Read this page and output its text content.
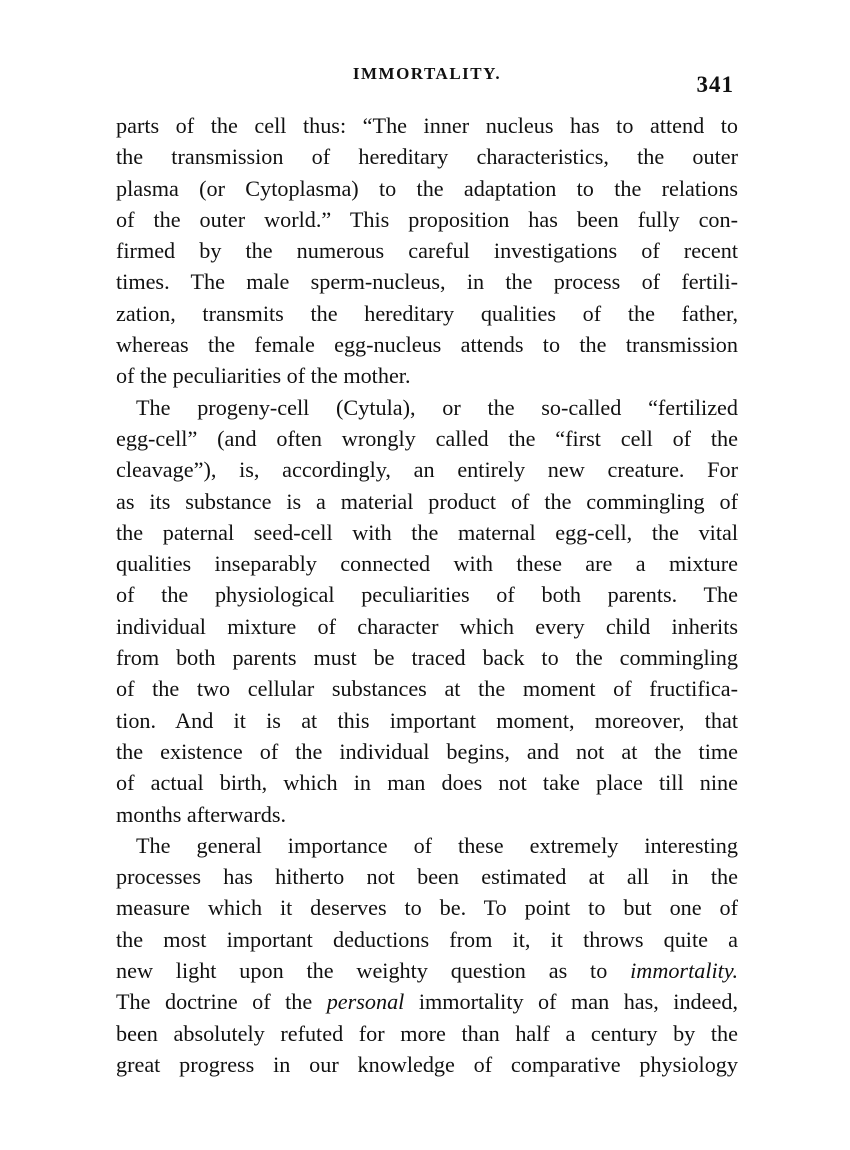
IMMORTALITY.	341
parts of the cell thus: “The inner nucleus has to attend to
the transmission of hereditary characteristics, the outer
plasma (or Cytoplasma) to the adaptation to the relations
of the outer world.” This proposition has been fully con-
firmed by the numerous careful investigations of recent
times. The male sperm-nucleus, in the process of fertili-
zation, transmits the hereditary qualities of the father,
whereas the female egg-nucleus attends to the transmission
of the peculiarities of the mother.
The progeny-cell (Cytula), or the so-called “fertilized
egg-cell” (and often wrongly called the “first cell of the
cleavage”), is, accordingly, an entirely new creature. For
as its substance is a material product of the commingling of
the paternal seed-cell with the maternal egg-cell, the vital
qualities inseparably connected with these are a mixture
of the physiological peculiarities of both parents. The
individual mixture of character which every child inherits
from both parents must be traced back to the commingling
of the two cellular substances at the moment of fructifica-
tion. And it is at this important moment, moreover, that
the existence of the individual begins, and not at the time
of actual birth, which in man does not take place till nine
months afterwards.
The general importance of these extremely interesting
processes has hitherto not been estimated at all in the
measure which it deserves to be. To point to but one of
the most important deductions from it, it throws quite a
new light upon the weighty question as to immortality.
The doctrine of the personal immortality of man has, indeed,
been absolutely refuted for more than half a century by the
great progress in our knowledge of comparative physiology
